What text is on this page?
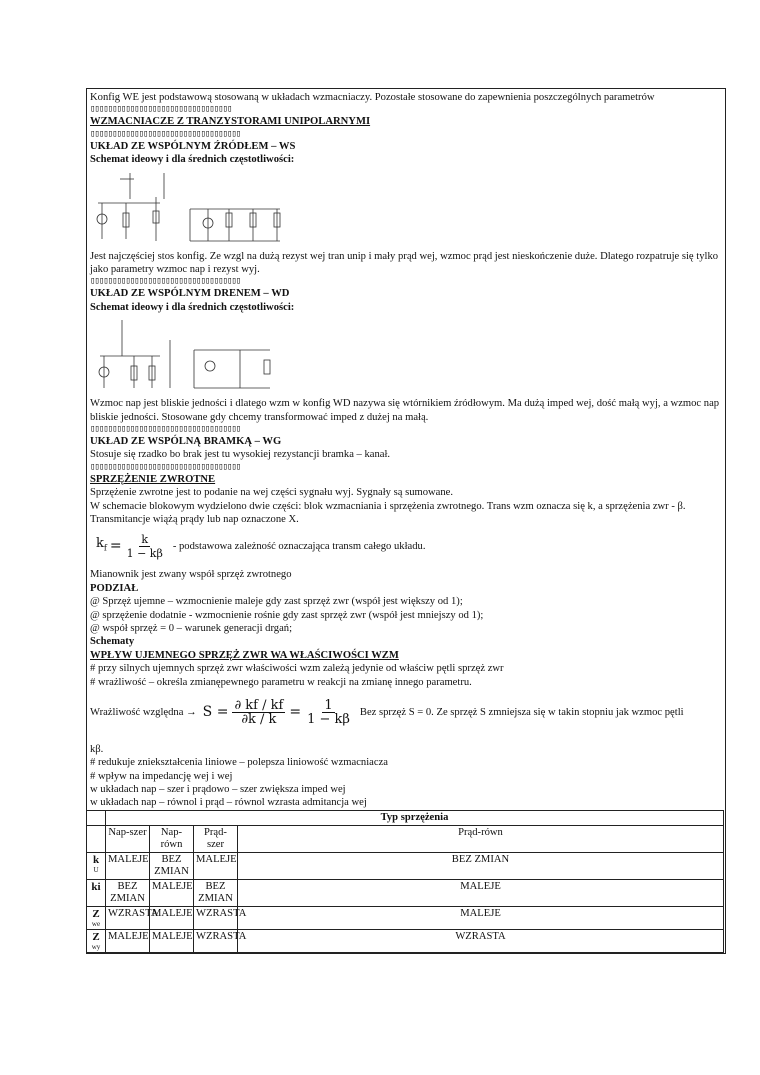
Konfig WE jest podstawową stosowaną w układach wzmacniaczy. Pozostałe stosowane do zapewnienia poszczególnych parametrów

▯▯▯▯▯▯▯▯▯▯▯▯▯▯▯▯▯▯▯▯▯▯▯▯▯▯▯▯▯▯▯▯

WZMACNIACZE Z TRANZYSTORAMI UNIPOLARNYMI

▯▯▯▯▯▯▯▯▯▯▯▯▯▯▯▯▯▯▯▯▯▯▯▯▯▯▯▯▯▯▯▯▯▯

UKŁAD ZE WSPÓLNYM ŹRÓDŁEM – WS

Schemat ideowy i dla średnich częstotliwości:

Jest najczęściej stos konfig. Ze wzgl na dużą rezyst wej tran unip i mały prąd wej, wzmoc prąd jest nieskończenie duże. Dlatego rozpatruje się tylko jako parametry wzmoc nap i rezyst wyj.

▯▯▯▯▯▯▯▯▯▯▯▯▯▯▯▯▯▯▯▯▯▯▯▯▯▯▯▯▯▯▯▯▯▯

UKŁAD ZE WSPÓLNYM DRENEM – WD

Schemat ideowy i dla średnich częstotliwości:

Wzmoc nap jest bliskie jedności i dlatego wzm w konfig WD nazywa się wtórnikiem źródłowym. Ma dużą imped wej, dość małą wyj, a wzmoc nap bliskie jedności. Stosowane gdy chcemy transformować imped z dużej na małą.

▯▯▯▯▯▯▯▯▯▯▯▯▯▯▯▯▯▯▯▯▯▯▯▯▯▯▯▯▯▯▯▯▯▯

UKŁAD ZE WSPÓLNĄ BRAMKĄ – WG

Stosuje się rzadko bo brak jest tu wysokiej rezystancji bramka – kanał.

▯▯▯▯▯▯▯▯▯▯▯▯▯▯▯▯▯▯▯▯▯▯▯▯▯▯▯▯▯▯▯▯▯▯

SPRZĘŻENIE ZWROTNE

Sprzężenie zwrotne jest to podanie na wej części sygnału wyj. Sygnały są sumowane.

W schemacie blokowym wydzielono dwie części: blok wzmacniania i sprzężenia zwrotnego. Trans wzm oznacza się k, a sprzężenia zwr - β. Transmitancje wiążą prądy lub nap oznaczone X.

$k_f = \frac{k}{1 - k\beta}$ - podstawowa zależność oznaczająca transm całego układu.

Mianownik jest zwany współ sprzęż zwrotnego

PODZIAŁ

@ Sprzęż ujemne – wzmocnienie maleje gdy zast sprzęż zwr (współ jest większy od 1);

@ sprzężenie dodatnie - wzmocnienie rośnie gdy zast sprzęż zwr (współ jest mniejszy od 1);

@ współ sprzęż = 0 – warunek generacji drgań;

Schematy

WPŁYW UJEMNEGO SPRZĘŻ ZWR WA WŁAŚCIWOŚCI WZM

# przy silnych ujemnych sprzęż zwr właściwości wzm zależą jedynie od właściw pętli sprzęż zwr

# wrażliwość – określa zmianępewnego parametru w reakcji na zmianę innego parametru.

Wrażliwość względna → $S = \frac{\partial kf / kf}{\partial k / k} = \frac{1}{1 - k\beta}$ Bez sprzęż S = 0. Ze sprzęż S zmniejsza się w takin stopniu jak wzmoc pętli

kβ.

# redukuje zniekształcenia liniowe – polepsza liniowość wzmacniacza

# wpływ na impedancję wej i wej

w układach nap – szer i prądowo – szer zwiększa imped wej

w układach nap – równol i prąd – równol wzrasta admitancja wej

	Typ sprzężenia			
	Nap-szer	Nap-równ	Prąd-szer	Prąd-równ
k
U	MALEJE	BEZ ZMIAN	MALEJE	BEZ ZMIAN
ki	BEZ ZMIAN	MALEJE	BEZ ZMIAN	MALEJE
Z
we	WZRASTA	MALEJE	WZRASTA	MALEJE
Z
wy	MALEJE	MALEJE	WZRASTA	WZRASTA
